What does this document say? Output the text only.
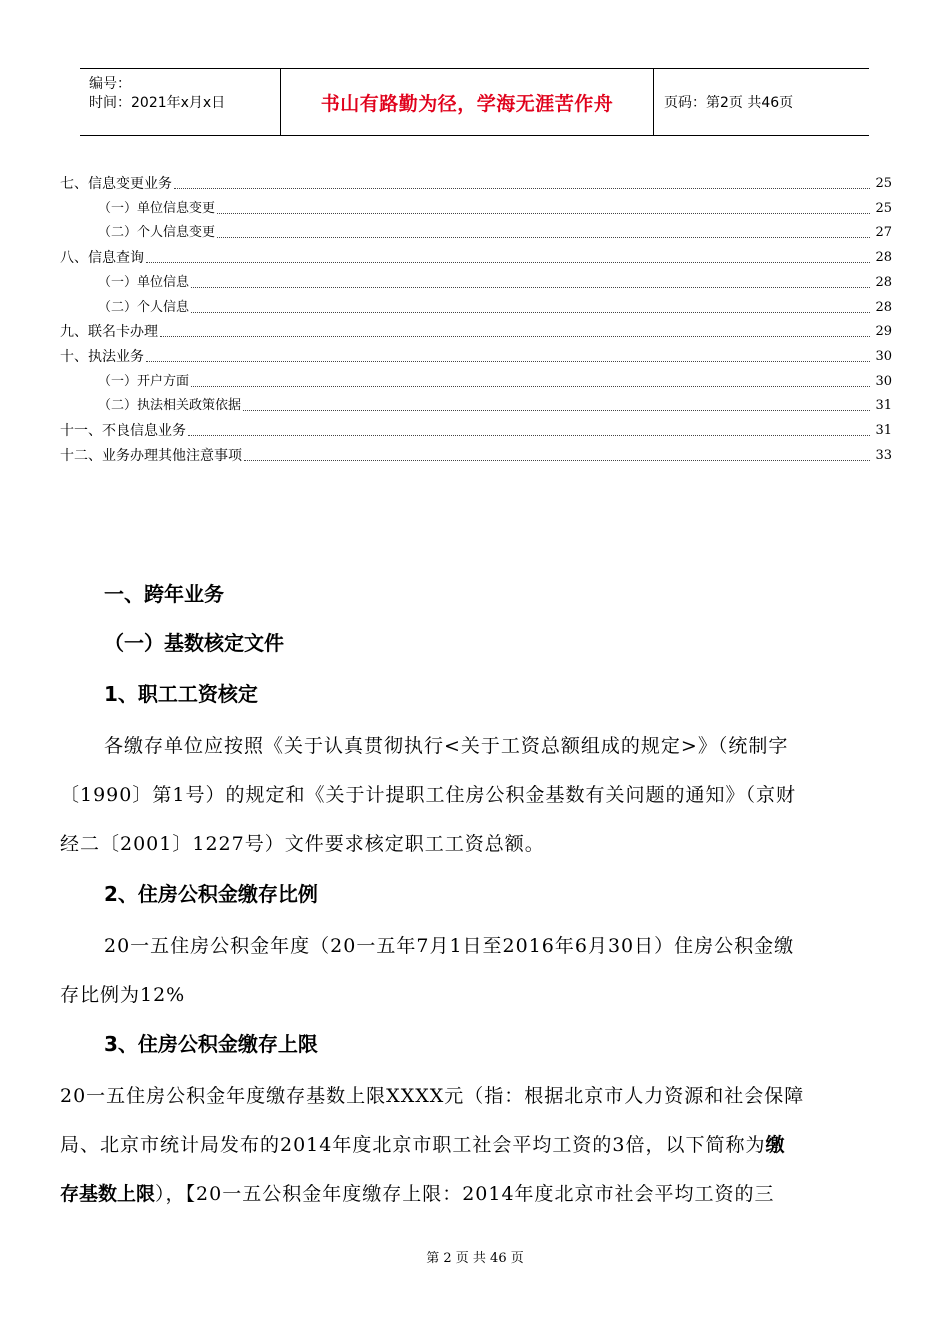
编号：
时间：2021年x月x日	书山有路勤为径，学海无涯苦作舟	页码：第2页 共46页
七、信息变更业务	25
（一）单位信息变更	25
（二）个人信息变更	27
八、信息查询	28
（一）单位信息	28
（二）个人信息	28
九、联名卡办理	29
十、执法业务	30
（一）开户方面	30
（二）执法相关政策依据	31
十一、不良信息业务	31
十二、业务办理其他注意事项	33
一、跨年业务
（一）基数核定文件
1、职工工资核定
各缴存单位应按照《关于认真贯彻执行<关于工资总额组成的规定>》（统制字
〔1990〕第1号）的规定和《关于计提职工住房公积金基数有关问题的通知》（京财
经二〔2001〕1227号）文件要求核定职工工资总额。
2、住房公积金缴存比例
20一五住房公积金年度（20一五年7月1日至2016年6月30日）住房公积金缴
存比例为12%
3、住房公积金缴存上限
20一五住房公积金年度缴存基数上限XXXX元（指：根据北京市人力资源和社会保障
局、北京市统计局发布的2014年度北京市职工社会平均工资的3倍，以下简称为缴
存基数上限），【20一五公积金年度缴存上限：2014年度北京市社会平均工资的三
第 2 页 共 46 页
